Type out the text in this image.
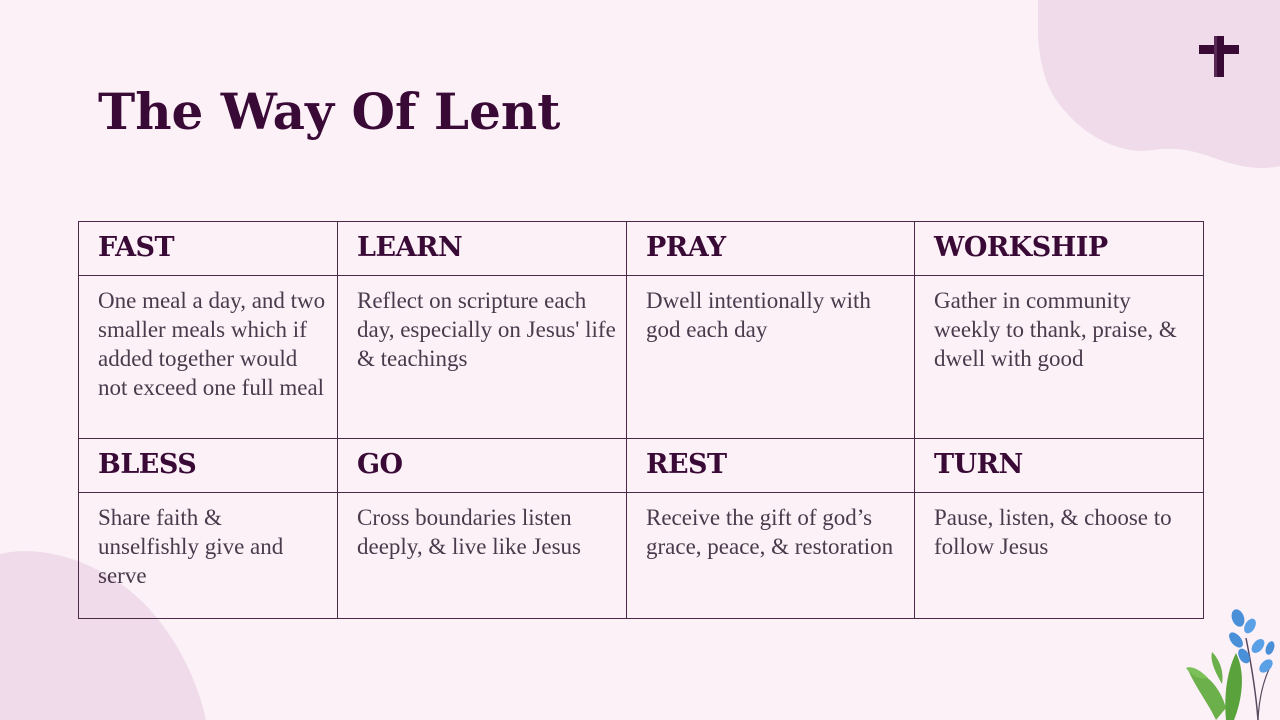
The Way Of Lent
FAST	LEARN	PRAY	WORKSHIP

One meal a day, and two smaller meals which if added together would not exceed one full meal	Reflect on scripture each day, especially on Jesus' life & teachings	Dwell intentionally with god each day	Gather in community weekly to thank, praise, & dwell with good

BLESS	GO	REST	TURN

Share faith & unselfishly give and serve	Cross boundaries listen deeply, & live like Jesus	Receive the gift of god’s grace, peace, & restoration	Pause, listen, & choose to follow Jesus
